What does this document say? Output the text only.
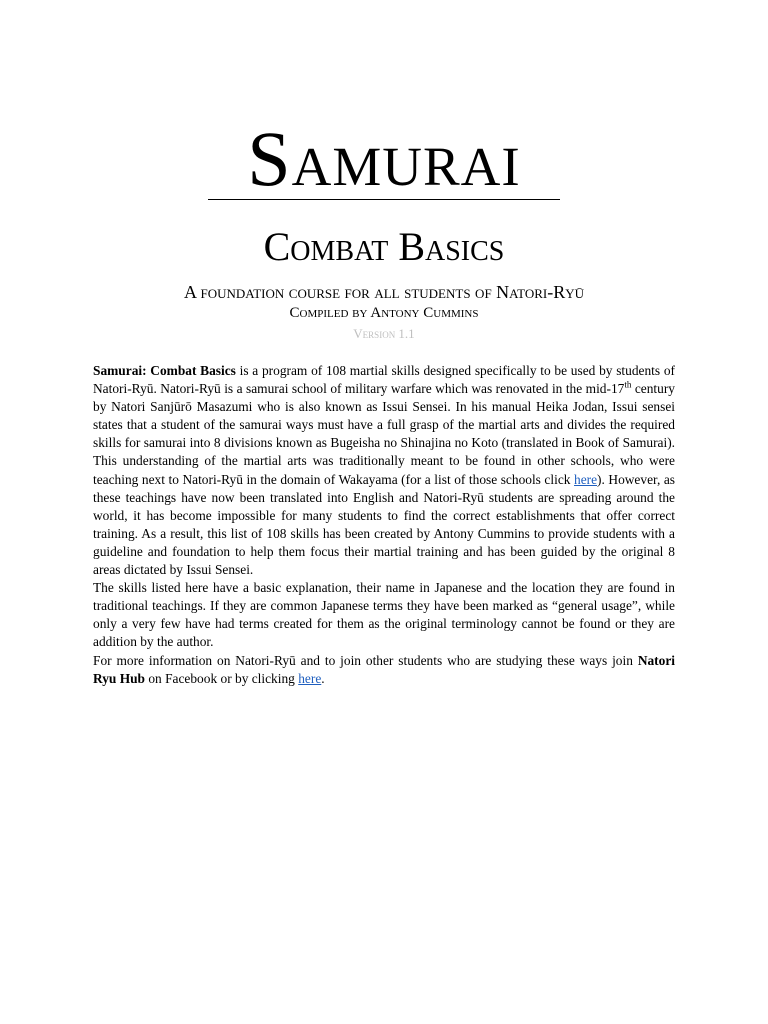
Samurai
Combat Basics
A foundation course for all students of Natori-Ryū
Compiled by Antony Cummins
Version 1.1

Samurai: Combat Basics is a program of 108 martial skills designed specifically to be used by students of Natori-Ryū. Natori-Ryū is a samurai school of military warfare which was renovated in the mid-17th century by Natori Sanjūrō Masazumi who is also known as Issui Sensei. In his manual Heika Jodan, Issui sensei states that a student of the samurai ways must have a full grasp of the martial arts and divides the required skills for samurai into 8 divisions known as Bugeisha no Shinajina no Koto (translated in Book of Samurai). This understanding of the martial arts was traditionally meant to be found in other schools, who were teaching next to Natori-Ryū in the domain of Wakayama (for a list of those schools click here). However, as these teachings have now been translated into English and Natori-Ryū students are spreading around the world, it has become impossible for many students to find the correct establishments that offer correct training. As a result, this list of 108 skills has been created by Antony Cummins to provide students with a guideline and foundation to help them focus their martial training and has been guided by the original 8 areas dictated by Issui Sensei.

The skills listed here have a basic explanation, their name in Japanese and the location they are found in traditional teachings. If they are common Japanese terms they have been marked as “general usage”, while only a very few have had terms created for them as the original terminology cannot be found or they are addition by the author.

For more information on Natori-Ryū and to join other students who are studying these ways join Natori Ryu Hub on Facebook or by clicking here.
